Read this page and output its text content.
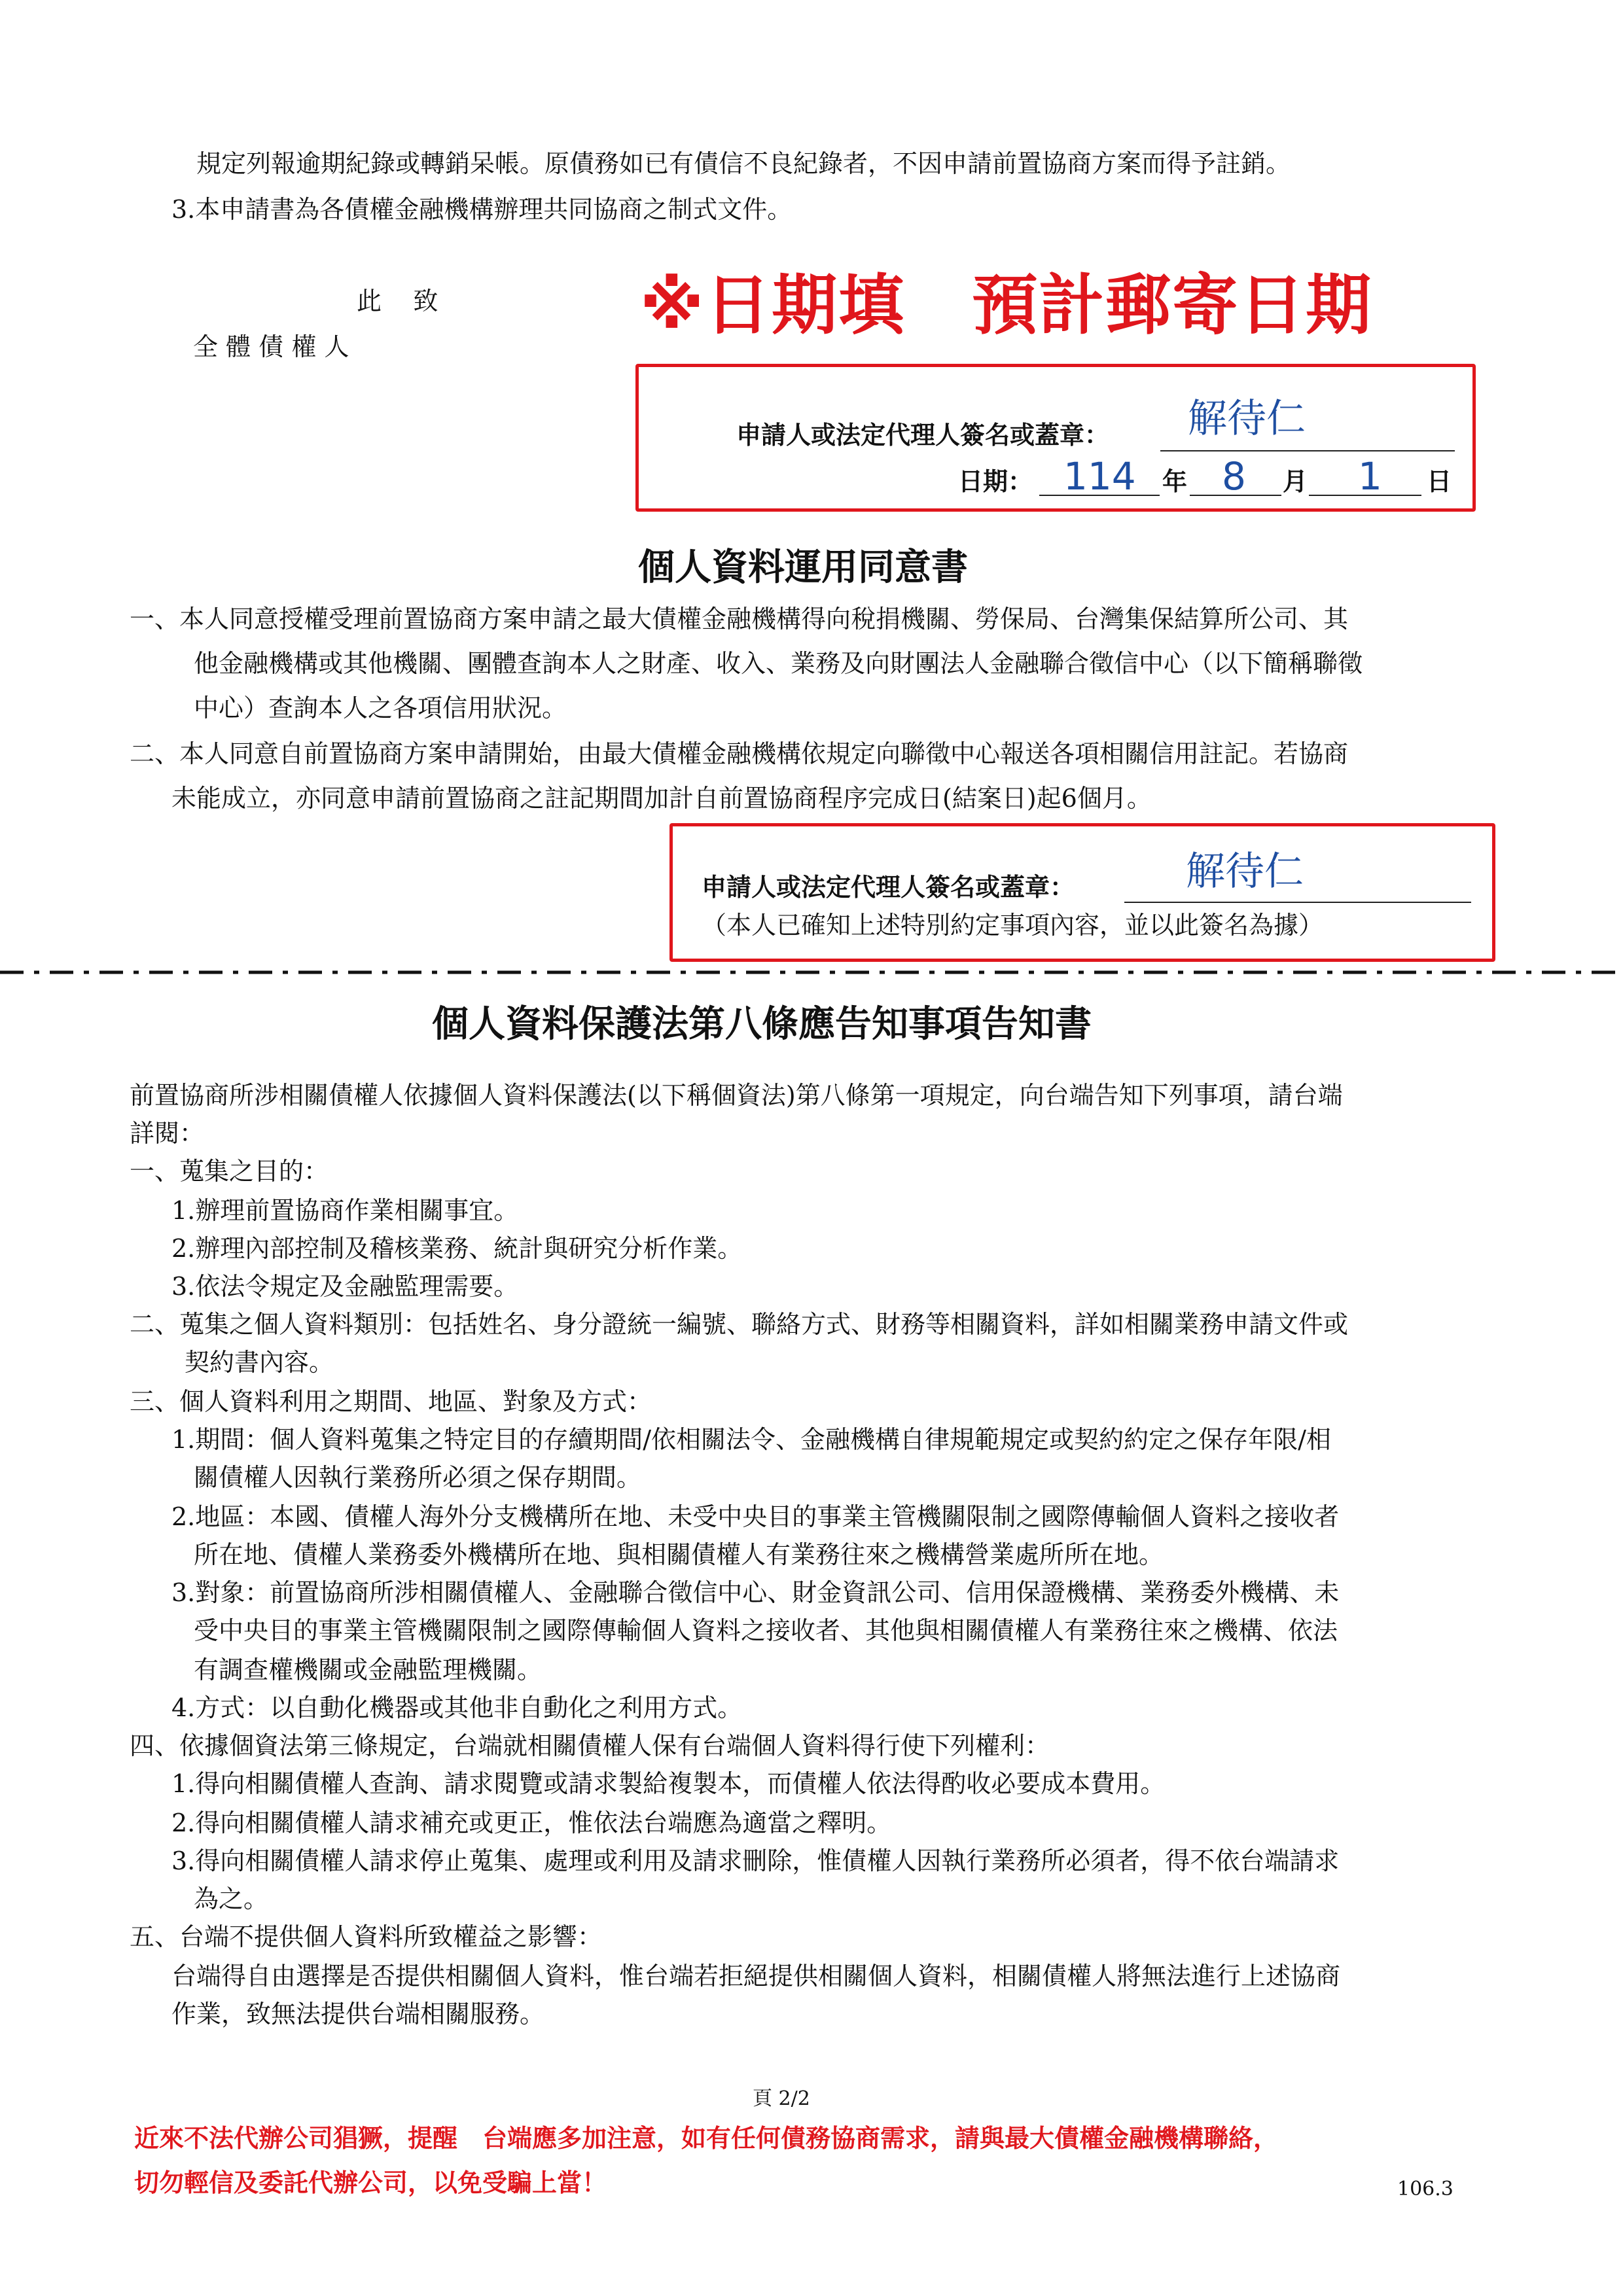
規定列報逾期紀錄或轉銷呆帳。原債務如已有債信不良紀錄者，不因申請前置協商方案而得予註銷。
3.本申請書為各債權金融機構辦理共同協商之制式文件。
此    致
全 體 債 權 人
※日期填　預計郵寄日期
申請人或法定代理人簽名或蓋章： 解待仁
日期： 114 年 8 月 1 日
個人資料運用同意書
一、本人同意授權受理前置協商方案申請之最大債權金融機構得向稅捐機關、勞保局、台灣集保結算所公司、其
他金融機構或其他機關、團體查詢本人之財產、收入、業務及向財團法人金融聯合徵信中心（以下簡稱聯徵
中心）查詢本人之各項信用狀況。
二、本人同意自前置協商方案申請開始，由最大債權金融機構依規定向聯徵中心報送各項相關信用註記。若協商
未能成立，亦同意申請前置協商之註記期間加計自前置協商程序完成日(結案日)起6個月。
申請人或法定代理人簽名或蓋章：	解待仁
（本人已確知上述特別約定事項內容，並以此簽名為據）
個人資料保護法第八條應告知事項告知書
前置協商所涉相關債權人依據個人資料保護法(以下稱個資法)第八條第一項規定，向台端告知下列事項，請台端
詳閱：
一、蒐集之目的：
1.辦理前置協商作業相關事宜。
2.辦理內部控制及稽核業務、統計與研究分析作業。
3.依法令規定及金融監理需要。
二、蒐集之個人資料類別：包括姓名、身分證統一編號、聯絡方式、財務等相關資料，詳如相關業務申請文件或
契約書內容。
三、個人資料利用之期間、地區、對象及方式：
1.期間：個人資料蒐集之特定目的存續期間/依相關法令、金融機構自律規範規定或契約約定之保存年限/相
關債權人因執行業務所必須之保存期間。
2.地區：本國、債權人海外分支機構所在地、未受中央目的事業主管機關限制之國際傳輸個人資料之接收者
所在地、債權人業務委外機構所在地、與相關債權人有業務往來之機構營業處所所在地。
3.對象：前置協商所涉相關債權人、金融聯合徵信中心、財金資訊公司、信用保證機構、業務委外機構、未
受中央目的事業主管機關限制之國際傳輸個人資料之接收者、其他與相關債權人有業務往來之機構、依法
有調查權機關或金融監理機關。
4.方式：以自動化機器或其他非自動化之利用方式。
四、依據個資法第三條規定，台端就相關債權人保有台端個人資料得行使下列權利：
1.得向相關債權人查詢、請求閱覽或請求製給複製本，而債權人依法得酌收必要成本費用。
2.得向相關債權人請求補充或更正，惟依法台端應為適當之釋明。
3.得向相關債權人請求停止蒐集、處理或利用及請求刪除，惟債權人因執行業務所必須者，得不依台端請求
為之。
五、台端不提供個人資料所致權益之影響：
台端得自由選擇是否提供相關個人資料，惟台端若拒絕提供相關個人資料，相關債權人將無法進行上述協商
作業，致無法提供台端相關服務。
頁 2/2
近來不法代辦公司猖獗，提醒　台端應多加注意，如有任何債務協商需求，請與最大債權金融機構聯絡，
切勿輕信及委託代辦公司，以免受騙上當！	106.3
